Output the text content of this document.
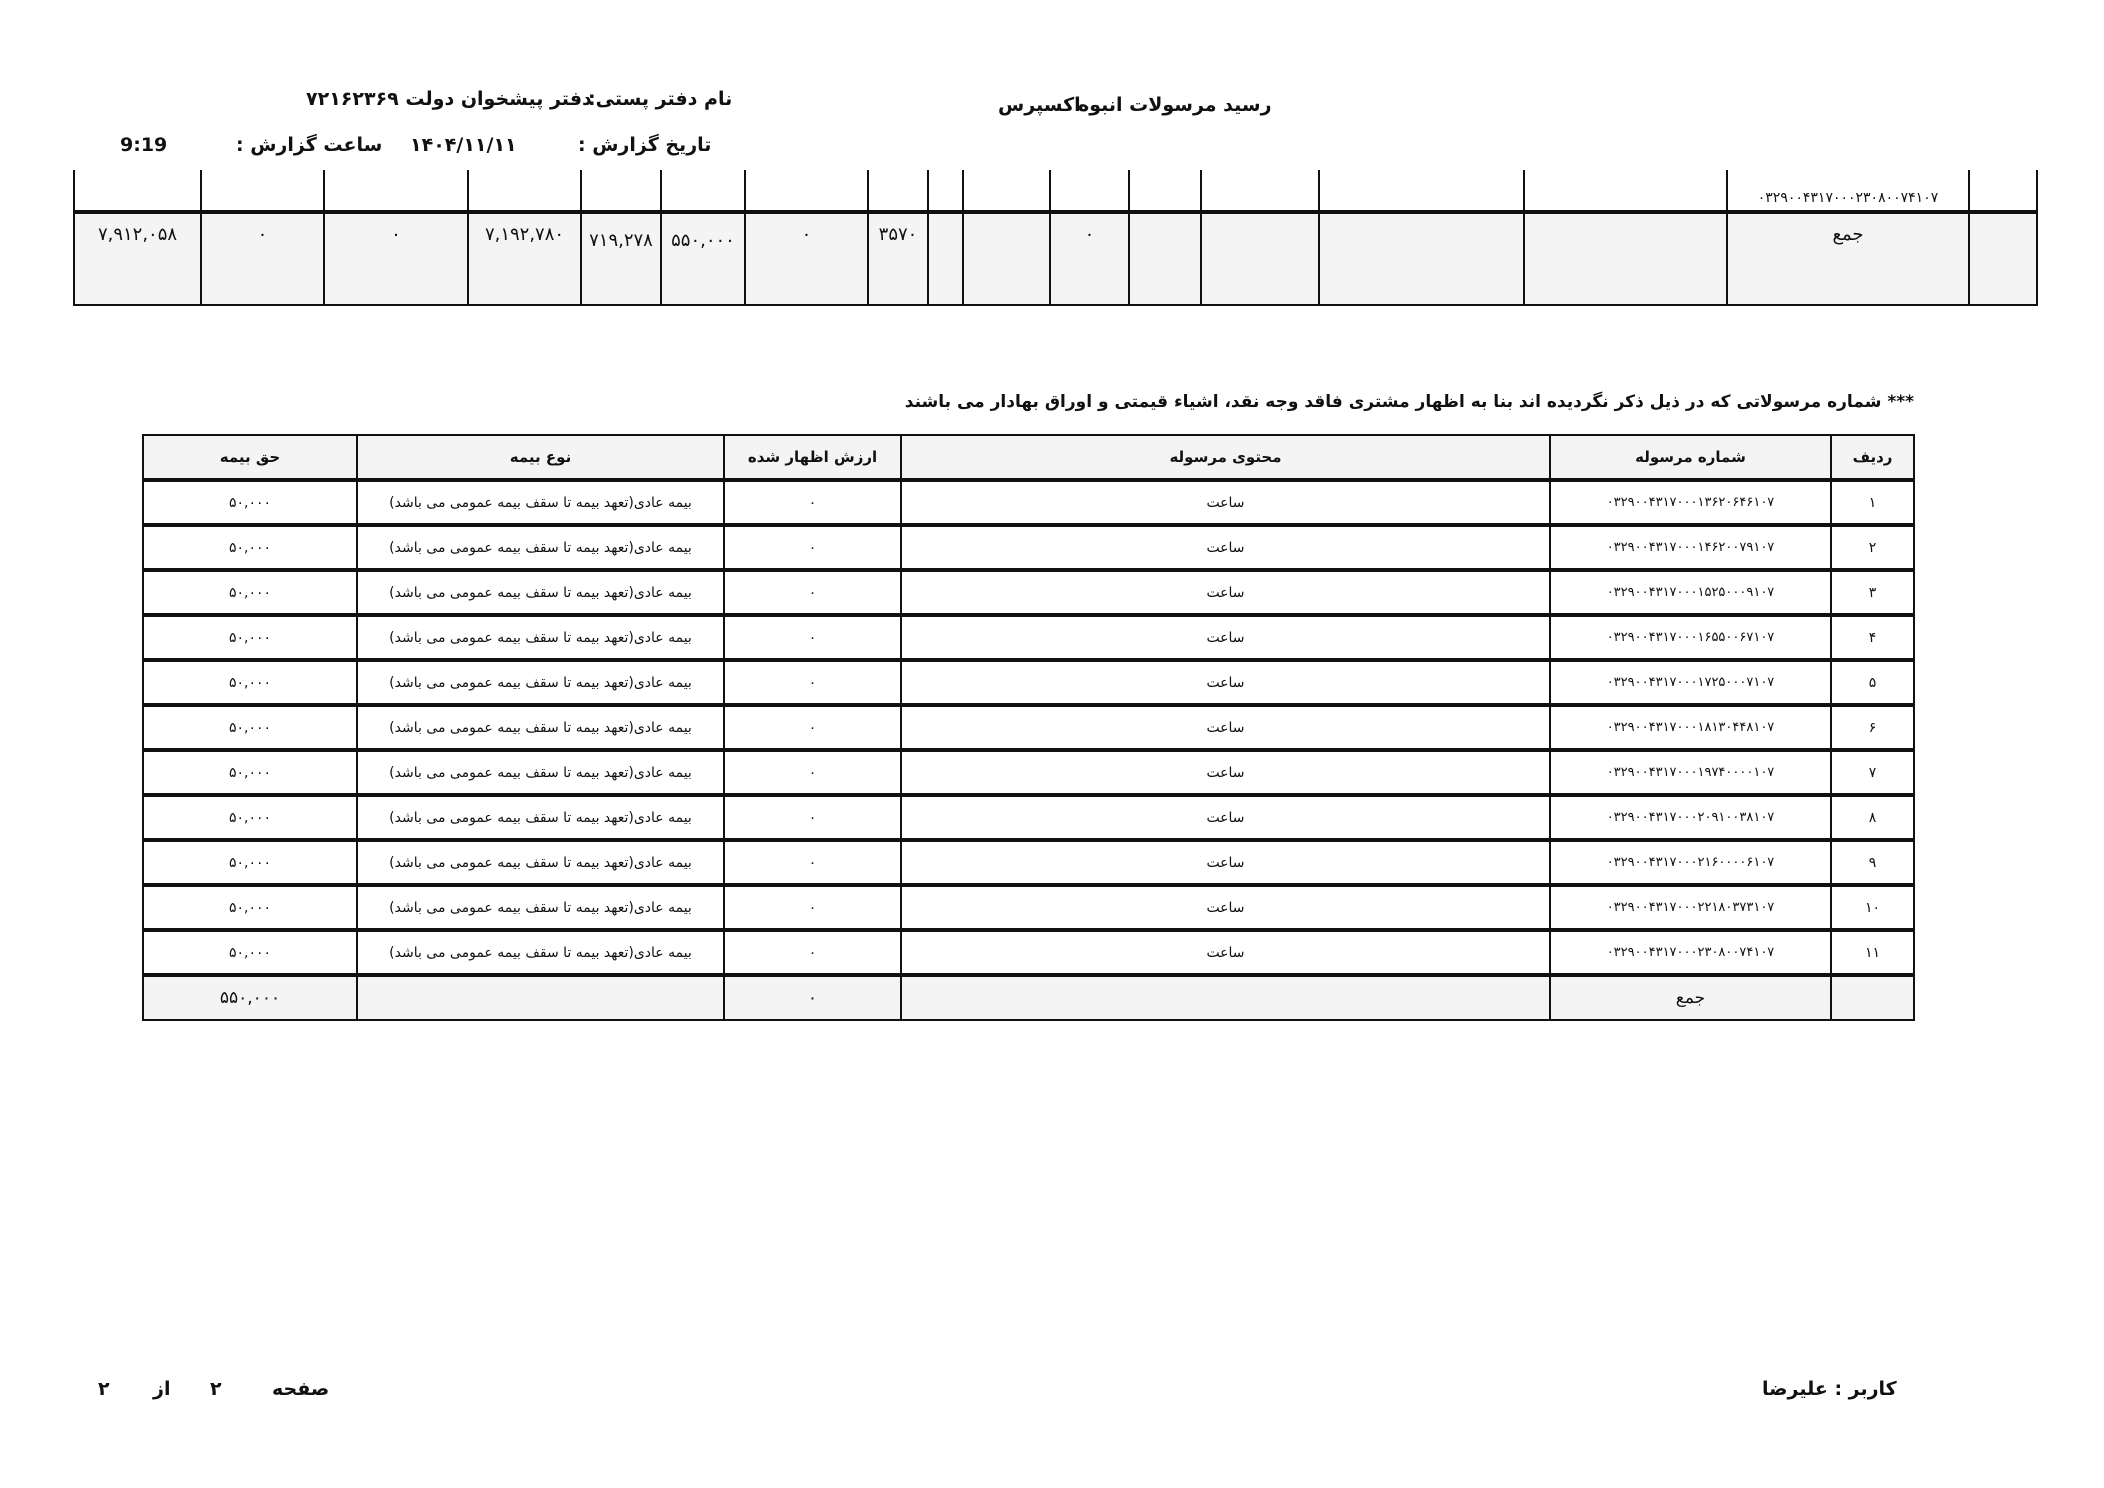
رسید مرسولات انبوه
اکسپرس
نام دفتر پستی:
دفتر پیشخوان دولت ۷۲۱۶۲۳۶۹
تاریخ گزارش :
۱۴۰۴/۱۱/۱۱
ساعت گزارش :
9:19
															۰۳۲۹۰۰۴۳۱۷۰۰۰۲۳۰۸۰۰۷۴۱۰۷	
۷,۹۱۲,۰۵۸	۰	۰	۷,۱۹۲,۷۸۰	۷۱۹,۲۷۸	۵۵۰,۰۰۰	۰	۳۵۷۰			۰					جمع	
*** شماره مرسولاتی که در ذیل ذکر نگردیده اند بنا به اظهار مشتری فاقد وجه نقد، اشیاء قیمتی و اوراق بهادار می باشند
حق بیمه	نوع بیمه	ارزش اظهار شده	محتوی مرسوله	شماره مرسوله	ردیف
۵۰,۰۰۰	بیمه عادی(تعهد بیمه تا سقف بیمه عمومی می باشد)	۰	ساعت	۰۳۲۹۰۰۴۳۱۷۰۰۰۱۳۶۲۰۶۴۶۱۰۷	۱
۵۰,۰۰۰	بیمه عادی(تعهد بیمه تا سقف بیمه عمومی می باشد)	۰	ساعت	۰۳۲۹۰۰۴۳۱۷۰۰۰۱۴۶۲۰۰۷۹۱۰۷	۲
۵۰,۰۰۰	بیمه عادی(تعهد بیمه تا سقف بیمه عمومی می باشد)	۰	ساعت	۰۳۲۹۰۰۴۳۱۷۰۰۰۱۵۲۵۰۰۰۹۱۰۷	۳
۵۰,۰۰۰	بیمه عادی(تعهد بیمه تا سقف بیمه عمومی می باشد)	۰	ساعت	۰۳۲۹۰۰۴۳۱۷۰۰۰۱۶۵۵۰۰۶۷۱۰۷	۴
۵۰,۰۰۰	بیمه عادی(تعهد بیمه تا سقف بیمه عمومی می باشد)	۰	ساعت	۰۳۲۹۰۰۴۳۱۷۰۰۰۱۷۲۵۰۰۰۷۱۰۷	۵
۵۰,۰۰۰	بیمه عادی(تعهد بیمه تا سقف بیمه عمومی می باشد)	۰	ساعت	۰۳۲۹۰۰۴۳۱۷۰۰۰۱۸۱۳۰۴۴۸۱۰۷	۶
۵۰,۰۰۰	بیمه عادی(تعهد بیمه تا سقف بیمه عمومی می باشد)	۰	ساعت	۰۳۲۹۰۰۴۳۱۷۰۰۰۱۹۷۴۰۰۰۰۱۰۷	۷
۵۰,۰۰۰	بیمه عادی(تعهد بیمه تا سقف بیمه عمومی می باشد)	۰	ساعت	۰۳۲۹۰۰۴۳۱۷۰۰۰۲۰۹۱۰۰۳۸۱۰۷	۸
۵۰,۰۰۰	بیمه عادی(تعهد بیمه تا سقف بیمه عمومی می باشد)	۰	ساعت	۰۳۲۹۰۰۴۳۱۷۰۰۰۲۱۶۰۰۰۰۶۱۰۷	۹
۵۰,۰۰۰	بیمه عادی(تعهد بیمه تا سقف بیمه عمومی می باشد)	۰	ساعت	۰۳۲۹۰۰۴۳۱۷۰۰۰۲۲۱۸۰۳۷۳۱۰۷	۱۰
۵۰,۰۰۰	بیمه عادی(تعهد بیمه تا سقف بیمه عمومی می باشد)	۰	ساعت	۰۳۲۹۰۰۴۳۱۷۰۰۰۲۳۰۸۰۰۷۴۱۰۷	۱۱
۵۵۰,۰۰۰		۰		جمع	
کاربر : علیرضا
صفحه
۲
از
۲
